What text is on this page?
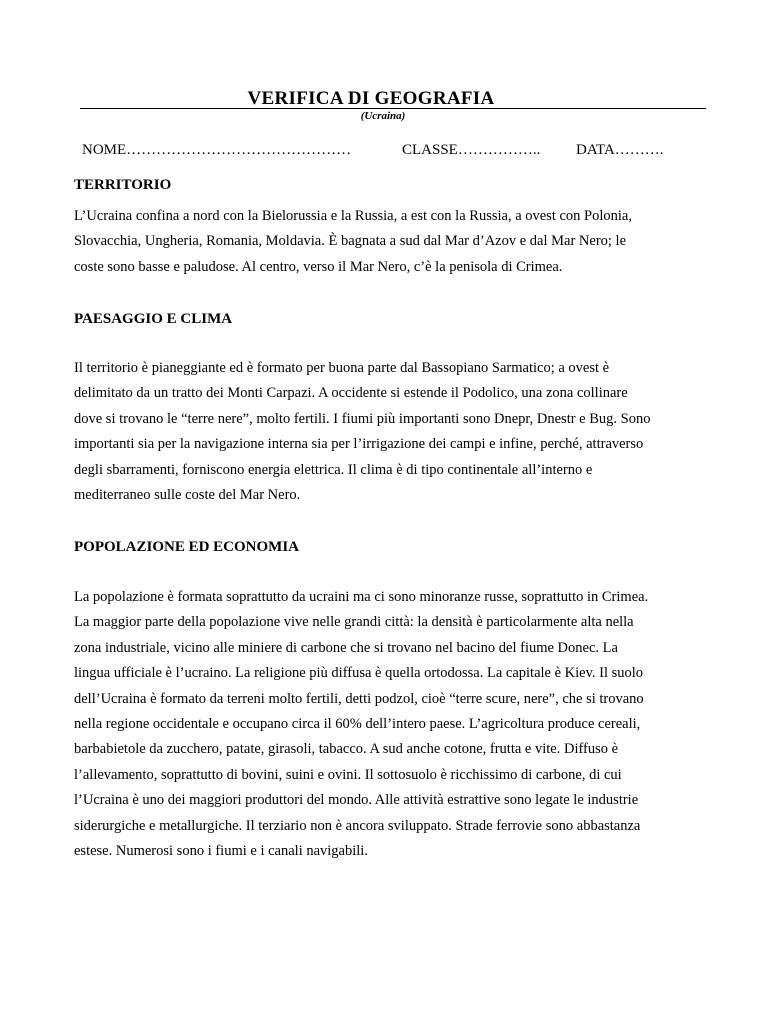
VERIFICA DI GEOGRAFIA

(Ucraina)

NOME………………………………………	CLASSE…………….. DATA……….
TERRITORIO
L’Ucraina confina a nord con la Bielorussia e la Russia, a est con la Russia, a ovest con Polonia,
Slovacchia, Ungheria, Romania, Moldavia. È bagnata a sud dal Mar d’Azov e dal Mar Nero; le
coste sono basse e paludose. Al centro, verso il Mar Nero, c’è la penisola di Crimea.
PAESAGGIO E CLIMA
Il territorio è pianeggiante ed è formato per buona parte dal Bassopiano Sarmatico; a ovest è
delimitato da un tratto dei Monti Carpazi. A occidente si estende il Podolico, una zona collinare
dove si trovano le “terre nere”, molto fertili. I fiumi più importanti sono Dnepr, Dnestr e Bug. Sono
importanti sia per la navigazione interna sia per l’irrigazione dei campi e infine, perché, attraverso
degli sbarramenti, forniscono energia elettrica. Il clima è di tipo continentale all’interno e
mediterraneo sulle coste del Mar Nero.
POPOLAZIONE ED ECONOMIA
La popolazione è formata soprattutto da ucraini ma ci sono minoranze russe, soprattutto in Crimea.
La maggior parte della popolazione vive nelle grandi città: la densità è particolarmente alta nella
zona industriale, vicino alle miniere di carbone che si trovano nel bacino del fiume Donec. La
lingua ufficiale è l’ucraino. La religione più diffusa è quella ortodossa. La capitale è Kiev. Il suolo
dell’Ucraina è formato da terreni molto fertili, detti podzol, cioè “terre scure, nere”, che si trovano
nella regione occidentale e occupano circa il 60% dell’intero paese. L’agricoltura produce cereali,
barbabietole da zucchero, patate, girasoli, tabacco. A sud anche cotone, frutta e vite. Diffuso è
l’allevamento, soprattutto di bovini, suini e ovini. Il sottosuolo è ricchissimo di carbone, di cui
l’Ucraina è uno dei maggiori produttori del mondo. Alle attività estrattive sono legate le industrie
siderurgiche e metallurgiche. Il terziario non è ancora sviluppato. Strade ferrovie sono abbastanza
estese. Numerosi sono i fiumi e i canali navigabili.
